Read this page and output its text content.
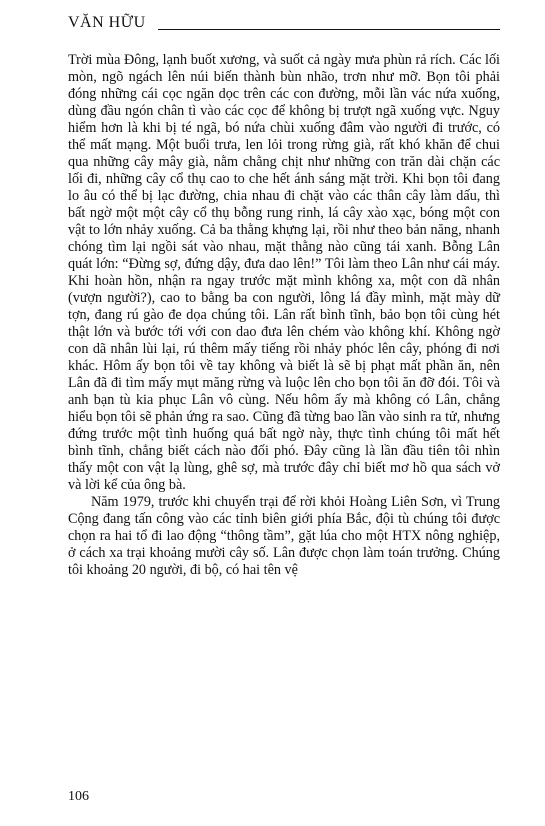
VĂN HỮU

Trời mùa Đông, lạnh buốt xương, và suốt cả ngày mưa phùn rả rích. Các lối mòn, ngõ ngách lên núi biến thành bùn nhão, trơn như mỡ. Bọn tôi phải đóng những cái cọc ngăn dọc trên các con đường, mỗi lần vác nứa xuống, dùng đầu ngón chân tì vào các cọc để không bị trượt ngã xuống vực. Nguy hiểm hơn là khi bị té ngã, bó nứa chùi xuống đâm vào người đi trước, có thể mất mạng. Một buổi trưa, len lỏi trong rừng già, rất khó khăn để chui qua những cây mây già, nằm chằng chịt như những con trăn dài chặn các lối đi, những cây cổ thụ cao to che hết ánh sáng mặt trời. Khi bọn tôi đang lo âu có thể bị lạc đường, chia nhau đi chặt vào các thân cây làm dấu, thì bất ngờ một một cây cổ thụ bỗng rung rinh, lá cây xào xạc, bóng một con vật to lớn nhảy xuống. Cả ba thằng khựng lại, rồi như theo bản năng, nhanh chóng tìm lại ngồi sát vào nhau, mặt thằng nào cũng tái xanh. Bỗng Lân quát lớn: “Đừng sợ, đứng dậy, đưa dao lên!” Tôi làm theo Lân như cái máy. Khi hoàn hồn, nhận ra ngay trước mặt mình không xa, một con dã nhân (vượn người?), cao to bằng ba con người, lông lá đầy mình, mặt mày dữ tợn, đang rú gào đe dọa chúng tôi. Lân rất bình tĩnh, bảo bọn tôi cùng hét thật lớn và bước tới với con dao đưa lên chém vào không khí. Không ngờ con dã nhân lùi lại, rú thêm mấy tiếng rồi nhảy phóc lên cây, phóng đi nơi khác. Hôm ấy bọn tôi về tay không và biết là sẽ bị phạt mất phần ăn, nên Lân đã đi tìm mấy mụt măng rừng và luộc lên cho bọn tôi ăn đỡ đói. Tôi và anh bạn tù kia phục Lân vô cùng. Nếu hôm ấy mà không có Lân, chẳng hiểu bọn tôi sẽ phản ứng ra sao. Cũng đã từng bao lần vào sinh ra tử, nhưng đứng trước một tình huống quá bất ngờ này, thực tình chúng tôi mất hết bình tĩnh, chẳng biết cách nào đối phó. Đây cũng là lần đầu tiên tôi nhìn thấy một con vật lạ lùng, ghê sợ, mà trước đây chỉ biết mơ hồ qua sách vở và lời kể của ông bà.

Năm 1979, trước khi chuyển trại để rời khỏi Hoàng Liên Sơn, vì Trung Cộng đang tấn công vào các tỉnh biên giới phía Bắc, đội tù chúng tôi được chọn ra hai tổ đi lao động “thông tầm”, gặt lúa cho một HTX nông nghiệp, ở cách xa trại khoảng mười cây số. Lân được chọn làm toán trưởng. Chúng tôi khoảng 20 người, đi bộ, có hai tên vệ

106
